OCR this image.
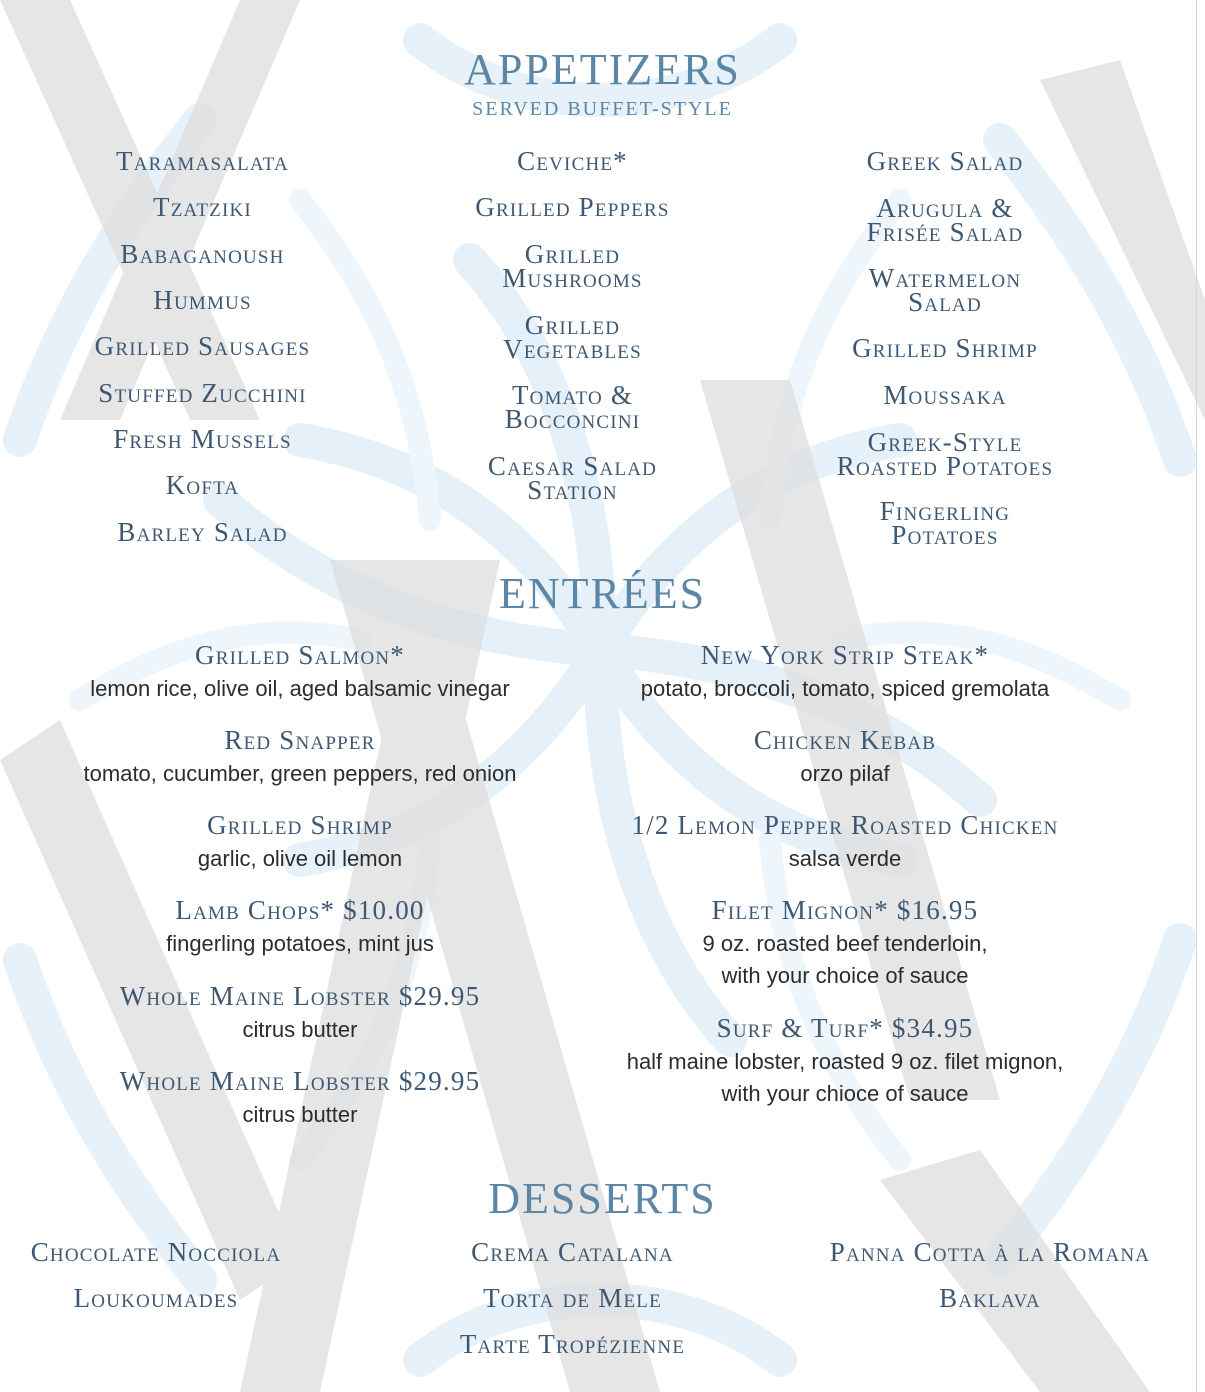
APPETIZERS
SERVED BUFFET-STYLE
Taramasalata
Tzatziki
Babaganoush
Hummus
Grilled Sausages
Stuffed Zucchini
Fresh Mussels
Kofta
Barley Salad
Ceviche*
Grilled Peppers
Grilled
Mushrooms
Grilled
Vegetables
Tomato &
Bocconcini
Caesar Salad
Station
Greek Salad
Arugula &
Frisée Salad
Watermelon
Salad
Grilled Shrimp
Moussaka
Greek-Style
Roasted Potatoes
Fingerling
Potatoes
ENTRÉES
Grilled Salmon*
lemon rice, olive oil, aged balsamic vinegar
Red Snapper
tomato, cucumber, green peppers, red onion
Grilled Shrimp
garlic, olive oil lemon
Lamb Chops* $10.00
fingerling potatoes, mint jus
Whole Maine Lobster $29.95
citrus butter
Whole Maine Lobster $29.95
citrus butter
New York Strip Steak*
potato, broccoli, tomato, spiced gremolata
Chicken Kebab
orzo pilaf
1/2 Lemon Pepper Roasted Chicken
salsa verde
Filet Mignon* $16.95
9 oz. roasted beef tenderloin,
with your choice of sauce
Surf & Turf* $34.95
half maine lobster, roasted 9 oz. filet mignon,
with your chioce of sauce
DESSERTS
Chocolate Nocciola
Loukoumades
Crema Catalana
Torta de Mele
Tarte Tropézienne
Panna Cotta à la Romana
Baklava
